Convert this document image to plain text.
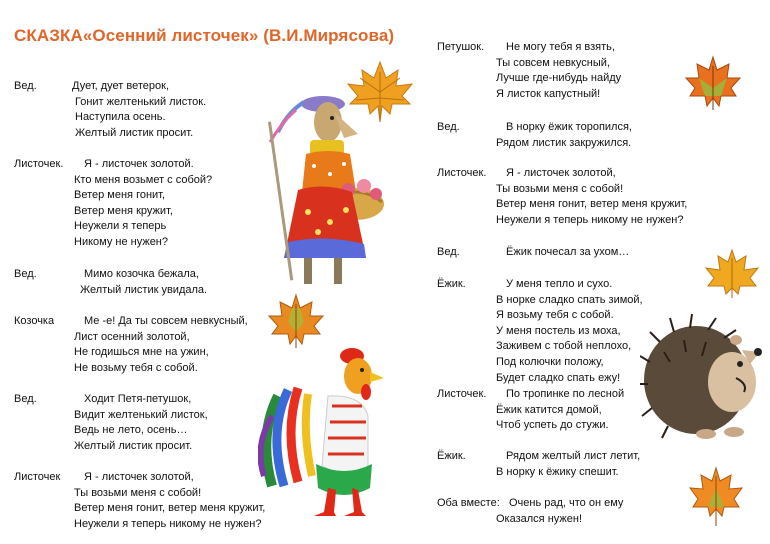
СКАЗКА«Осенний листочек» (В.И.Мирясова)
Вед.	Дует, дует ветерок,
Гонит желтенький листок.
Наступила осень.
Желтый листик просит.
Листочек. Я - листочек золотой.
Кто меня возьмет с собой?
Ветер меня гонит,
Ветер меня кружит,
Неужели я теперь
Никому не нужен?
Вед.	Мимо козочка бежала,
Желтый листик увидала.
Козочка	Ме -е! Да ты совсем невкусный,
Лист осенний золотой,
Не годишься мне на ужин,
Не возьму тебя с собой.
Вед.	Ходит Петя-петушок,
Видит желтенький листок,
Ведь не лето, осень…
Желтый листик просит.
Листочек Я - листочек золотой,
Ты возьми меня с собой!
Ветер меня гонит, ветер меня кружит,
Неужели я теперь никому не нужен?
Петушок. Не могу тебя я взять,
Ты совсем невкусный,
Лучше где-нибудь найду
Я листок капустный!
Вед.	В норку ёжик торопился,
Рядом листик закружился.
Листочек. Я - листочек золотой,
Ты возьми меня с собой!
Ветер меня гонит, ветер меня кружит,
Неужели я теперь никому не нужен?
Вед.	Ёжик почесал за ухом…
Ёжик.	У меня тепло и сухо.
В норке сладко спать зимой,
Я возьму тебя с собой.
У меня постель из моха,
Заживем с тобой неплохо,
Под колючки положу,
Будет сладко спать ежу!
Листочек. По тропинке по лесной
Ёжик катится домой,
Чтоб успеть до стужи.
Ёжик.	Рядом желтый лист летит,
В норку к ёжику спешит.
Оба вместе: Очень рад, что он ему
Оказался нужен!
